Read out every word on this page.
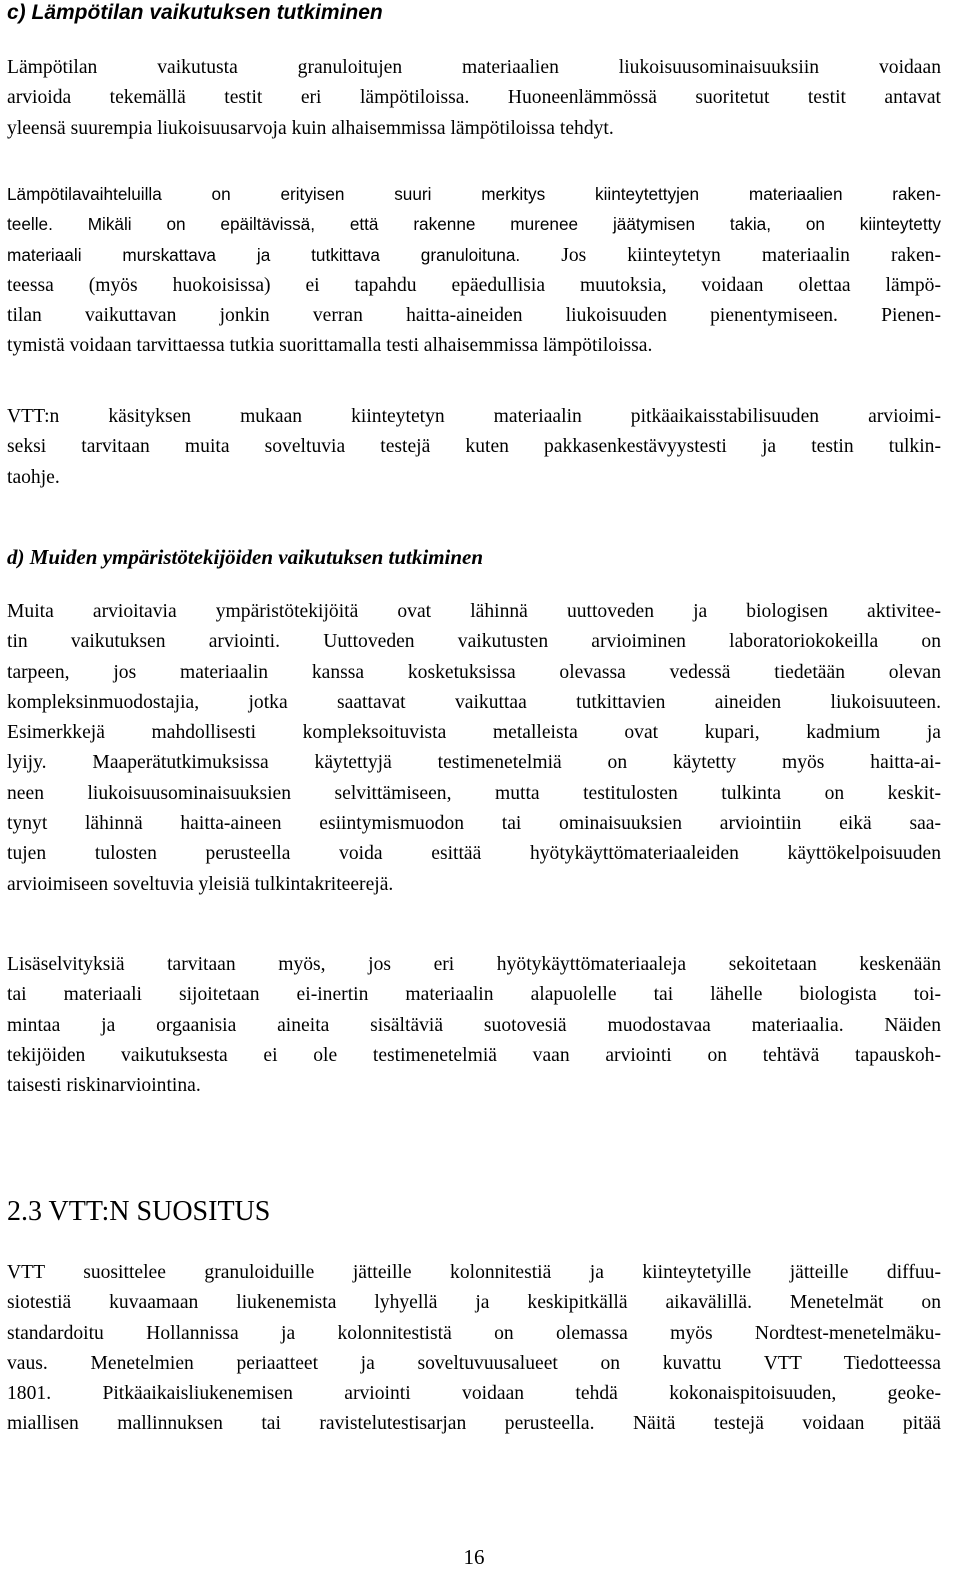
c) Lämpötilan vaikutuksen tutkiminen

Lämpötilan vaikutusta granuloitujen materiaalien liukoisuusominaisuuksiin voidaan
arvioida tekemällä testit eri lämpötiloissa. Huoneenlämmössä suoritetut testit antavat
yleensä suurempia liukoisuusarvoja kuin alhaisemmissa lämpötiloissa tehdyt.

Lämpötilavaihteluilla on erityisen suuri merkitys kiinteytettyjen materiaalien raken-
teelle. Mikäli on epäiltävissä, että rakenne murenee jäätymisen takia, on kiinteytetty
materiaali murskattava ja tutkittava granuloituna. Jos kiinteytetyn materiaalin raken-
teessa (myös huokoisissa) ei tapahdu epäedullisia muutoksia, voidaan olettaa lämpö-
tilan vaikuttavan jonkin verran haitta-aineiden liukoisuuden pienentymiseen. Pienen-
tymistä voidaan tarvittaessa tutkia suorittamalla testi alhaisemmissa lämpötiloissa.

VTT:n käsityksen mukaan kiinteytetyn materiaalin pitkäaikaisstabilisuuden arvioimi-
seksi tarvitaan muita soveltuvia testejä kuten pakkasenkestävyystesti ja testin tulkin-
taohje.

d) Muiden ympäristötekijöiden vaikutuksen tutkiminen

Muita arvioitavia ympäristötekijöitä ovat lähinnä uuttoveden ja biologisen aktivitee-
tin vaikutuksen arviointi. Uuttoveden vaikutusten arvioiminen laboratoriokokeilla on
tarpeen, jos materiaalin kanssa kosketuksissa olevassa vedessä tiedetään olevan
kompleksinmuodostajia, jotka saattavat vaikuttaa tutkittavien aineiden liukoisuuteen.
Esimerkkejä mahdollisesti kompleksoituvista metalleista ovat kupari, kadmium ja
lyijy. Maaperätutkimuksissa käytettyjä testimenetelmiä on käytetty myös haitta-ai-
neen liukoisuusominaisuuksien selvittämiseen, mutta testitulosten tulkinta on keskit-
tynyt lähinnä haitta-aineen esiintymismuodon tai ominaisuuksien arviointiin eikä saa-
tujen tulosten perusteella voida esittää hyötykäyttömateriaaleiden käyttökelpoisuuden
arvioimiseen soveltuvia yleisiä tulkintakriteerejä.

Lisäselvityksiä tarvitaan myös, jos eri hyötykäyttömateriaaleja sekoitetaan keskenään
tai materiaali sijoitetaan ei-inertin materiaalin alapuolelle tai lähelle biologista toi-
mintaa ja orgaanisia aineita sisältäviä suotovesiä muodostavaa materiaalia. Näiden
tekijöiden vaikutuksesta ei ole testimenetelmiä vaan arviointi on tehtävä tapauskoh-
taisesti riskinarviointina.

2.3 VTT:N SUOSITUS

VTT suosittelee granuloiduille jätteille kolonnitestiä ja kiinteytetyille jätteille diffuu-
siotestiä kuvaamaan liukenemista lyhyellä ja keskipitkällä aikavälillä. Menetelmät on
standardoitu Hollannissa ja kolonnitestistä on olemassa myös Nordtest-menetelmäku-
vaus. Menetelmien periaatteet ja soveltuvuusalueet on kuvattu VTT Tiedotteessa
1801. Pitkäaikaisliukenemisen arviointi voidaan tehdä kokonaispitoisuuden, geoke-
miallisen mallinnuksen tai ravistelutestisarjan perusteella. Näitä testejä voidaan pitää

16
